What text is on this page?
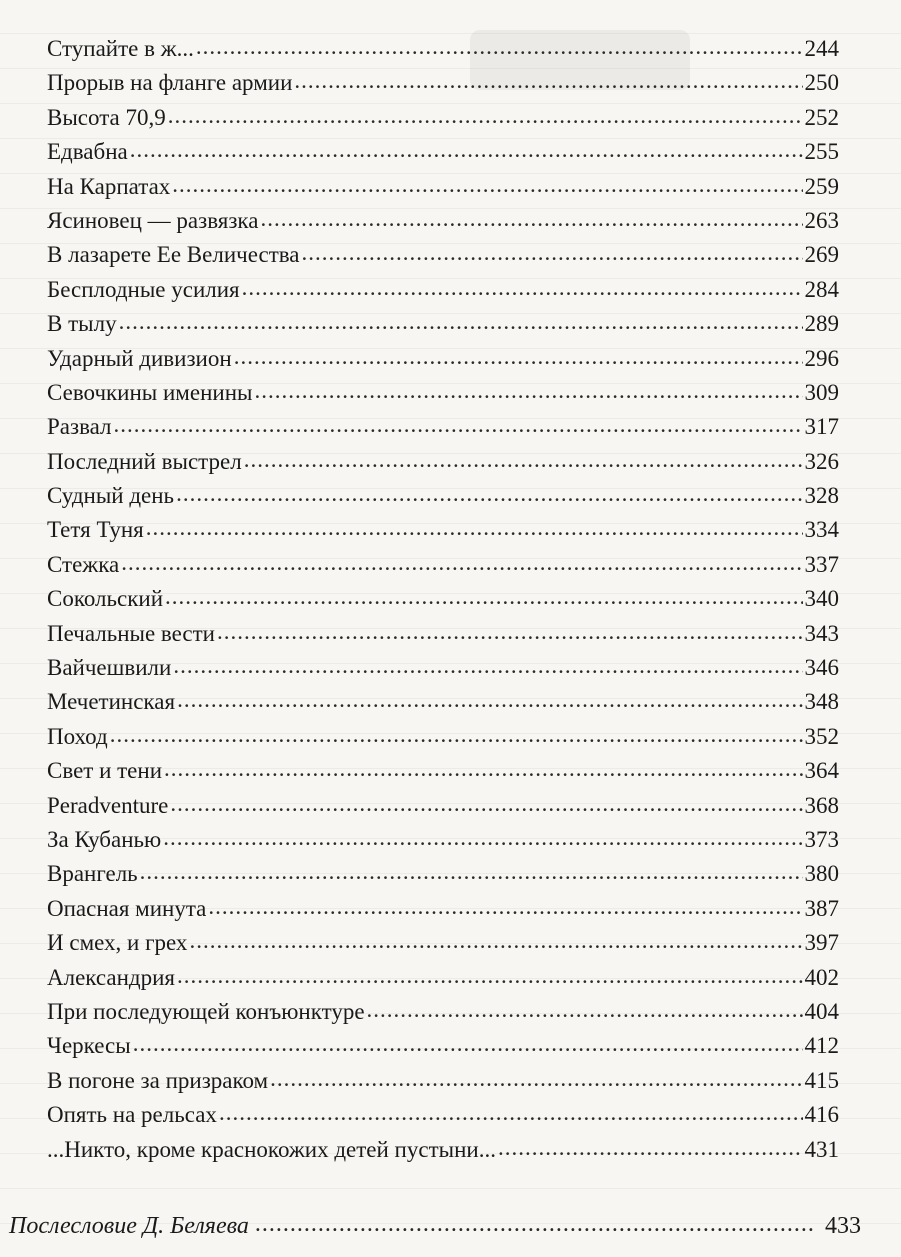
Ступайте в ж... .....	244
Прорыв на фланге армии .....	250
Высота 70,9 .....	252
Едвабна .....	255
На Карпатах .....	259
Ясиновец — развязка .....	263
В лазарете Ее Величества .....	269
Бесплодные усилия .....	284
В тылу .....	289
Ударный дивизион .....	296
Севочкины именины .....	309
Развал .....	317
Последний выстрел .....	326
Судный день .....	328
Тетя Туня .....	334
Стежка .....	337
Сокольский .....	340
Печальные вести .....	343
Вайчешвили .....	346
Мечетинская .....	348
Поход .....	352
Свет и тени .....	364
Peradventure .....	368
За Кубанью .....	373
Врангель .....	380
Опасная минута .....	387
И смех, и грех .....	397
Александрия .....	402
При последующей конъюнктуре .....	404
Черкесы .....	412
В погоне за призраком .....	415
Опять на рельсах .....	416
...Никто, кроме краснокожих детей пустыни... .....	431
Послесловие Д. Беляева .....	433
